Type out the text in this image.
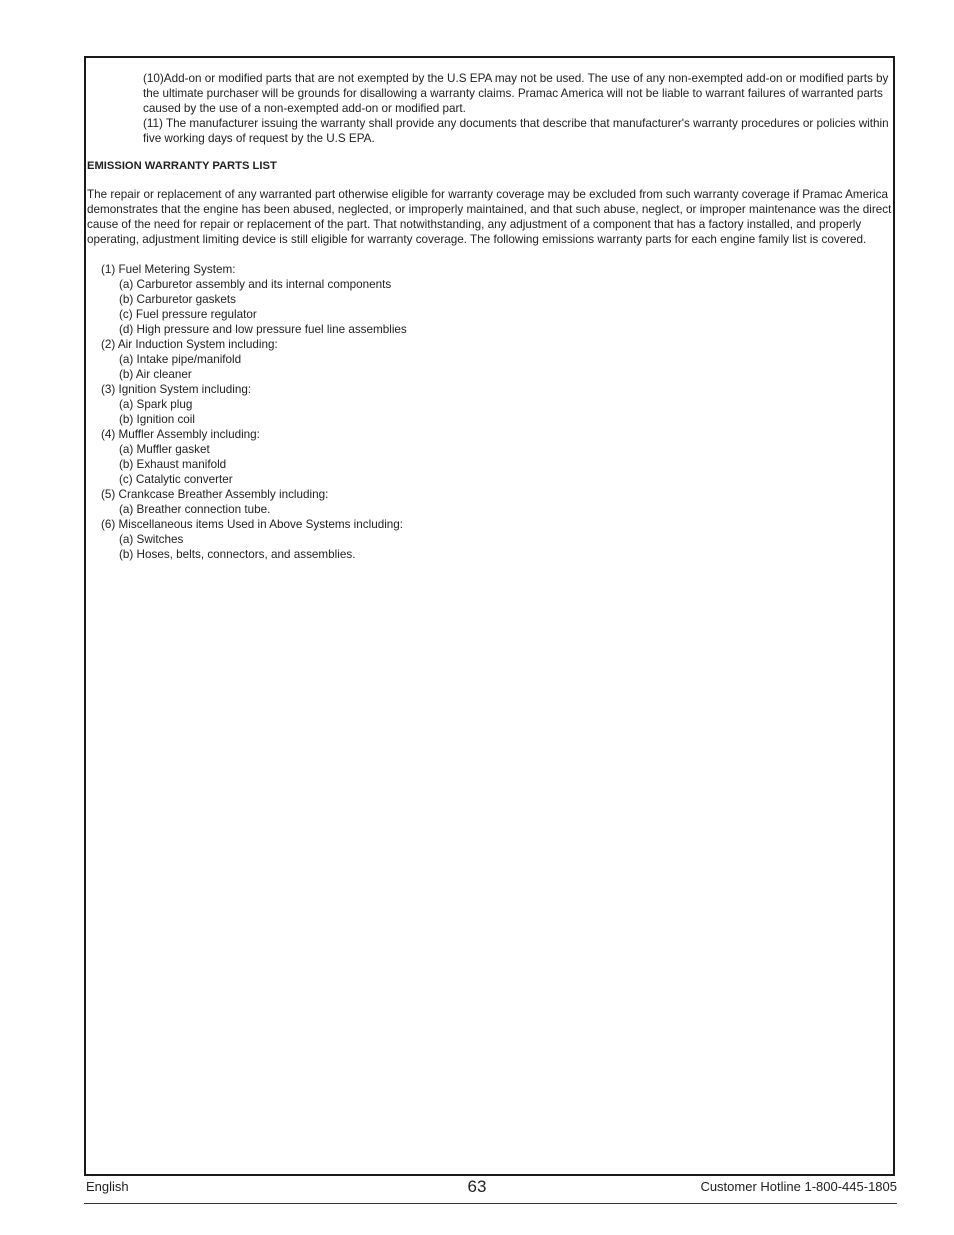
(10)Add-on or modified parts that are not exempted by the U.S EPA may not be used. The use of any non-exempted add-on or modified parts by the ultimate purchaser will be grounds for disallowing a warranty claims. Pramac America will not be liable to warrant failures of warranted parts caused by the use of a non-exempted add-on or modified part.
(11) The manufacturer issuing the warranty shall provide any documents that describe that manufacturer's warranty procedures or policies within five working days of request by the U.S EPA.
EMISSION WARRANTY PARTS LIST
The repair or replacement of any warranted part otherwise eligible for warranty coverage may be excluded from such warranty coverage if Pramac America demonstrates that the engine has been abused, neglected, or improperly maintained, and that such abuse, neglect, or improper maintenance was the direct cause of the need for repair or replacement of the part. That notwithstanding, any adjustment of a component that has a factory installed, and properly operating, adjustment limiting device is still eligible for warranty coverage. The following emissions warranty parts for each engine family list is covered.
(1) Fuel Metering System:
(a) Carburetor assembly and its internal components
(b) Carburetor gaskets
(c) Fuel pressure regulator
(d) High pressure and low pressure fuel line assemblies
(2) Air Induction System including:
(a) Intake pipe/manifold
(b) Air cleaner
(3) Ignition System including:
(a) Spark plug
(b) Ignition coil
(4) Muffler Assembly including:
(a) Muffler gasket
(b) Exhaust manifold
(c) Catalytic converter
(5) Crankcase Breather Assembly including:
(a) Breather connection tube.
(6) Miscellaneous items Used in Above Systems including:
(a) Switches
(b) Hoses, belts, connectors, and assemblies.
English	63	Customer Hotline 1-800-445-1805
